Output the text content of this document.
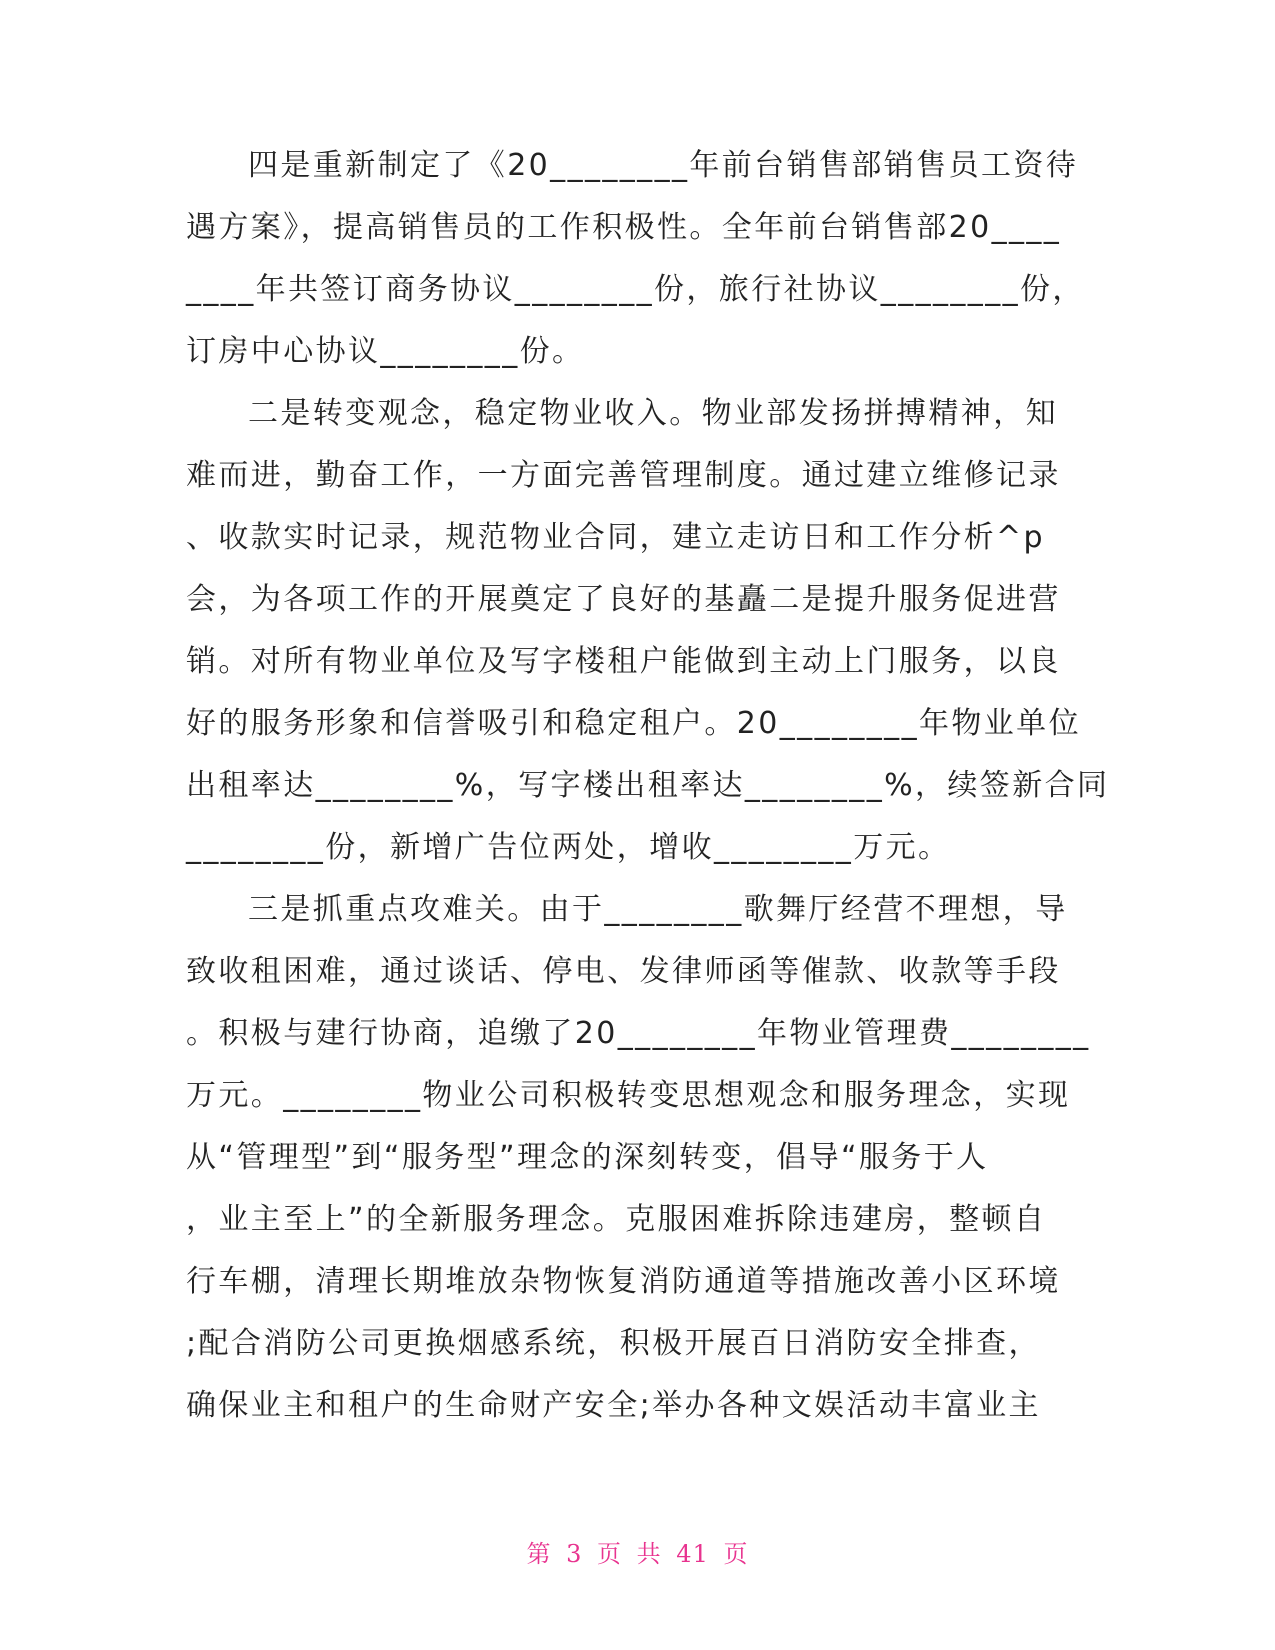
四是重新制定了《20________年前台销售部销售员工资待

遇方案》，提高销售员的工作积极性。全年前台销售部20____

____年共签订商务协议________份，旅行社协议________份，

订房中心协议________份。

二是转变观念，稳定物业收入。物业部发扬拼搏精神，知

难而进，勤奋工作，一方面完善管理制度。通过建立维修记录

、收款实时记录，规范物业合同，建立走访日和工作分析^p

会，为各项工作的开展奠定了良好的基矗二是提升服务促进营

销。对所有物业单位及写字楼租户能做到主动上门服务，以良

好的服务形象和信誉吸引和稳定租户。20________年物业单位

出租率达________%，写字楼出租率达________%，续签新合同

________份，新增广告位两处，增收________万元。

三是抓重点攻难关。由于________歌舞厅经营不理想，导

致收租困难，通过谈话、停电、发律师函等催款、收款等手段

。积极与建行协商，追缴了20________年物业管理费________

万元。________物业公司积极转变思想观念和服务理念，实现

从“管理型”到“服务型”理念的深刻转变，倡导“服务于人

，业主至上”的全新服务理念。克服困难拆除违建房，整顿自

行车棚，清理长期堆放杂物恢复消防通道等措施改善小区环境

;配合消防公司更换烟感系统，积极开展百日消防安全排查，

确保业主和租户的生命财产安全;举办各种文娱活动丰富业主

第 3 页 共 41 页
